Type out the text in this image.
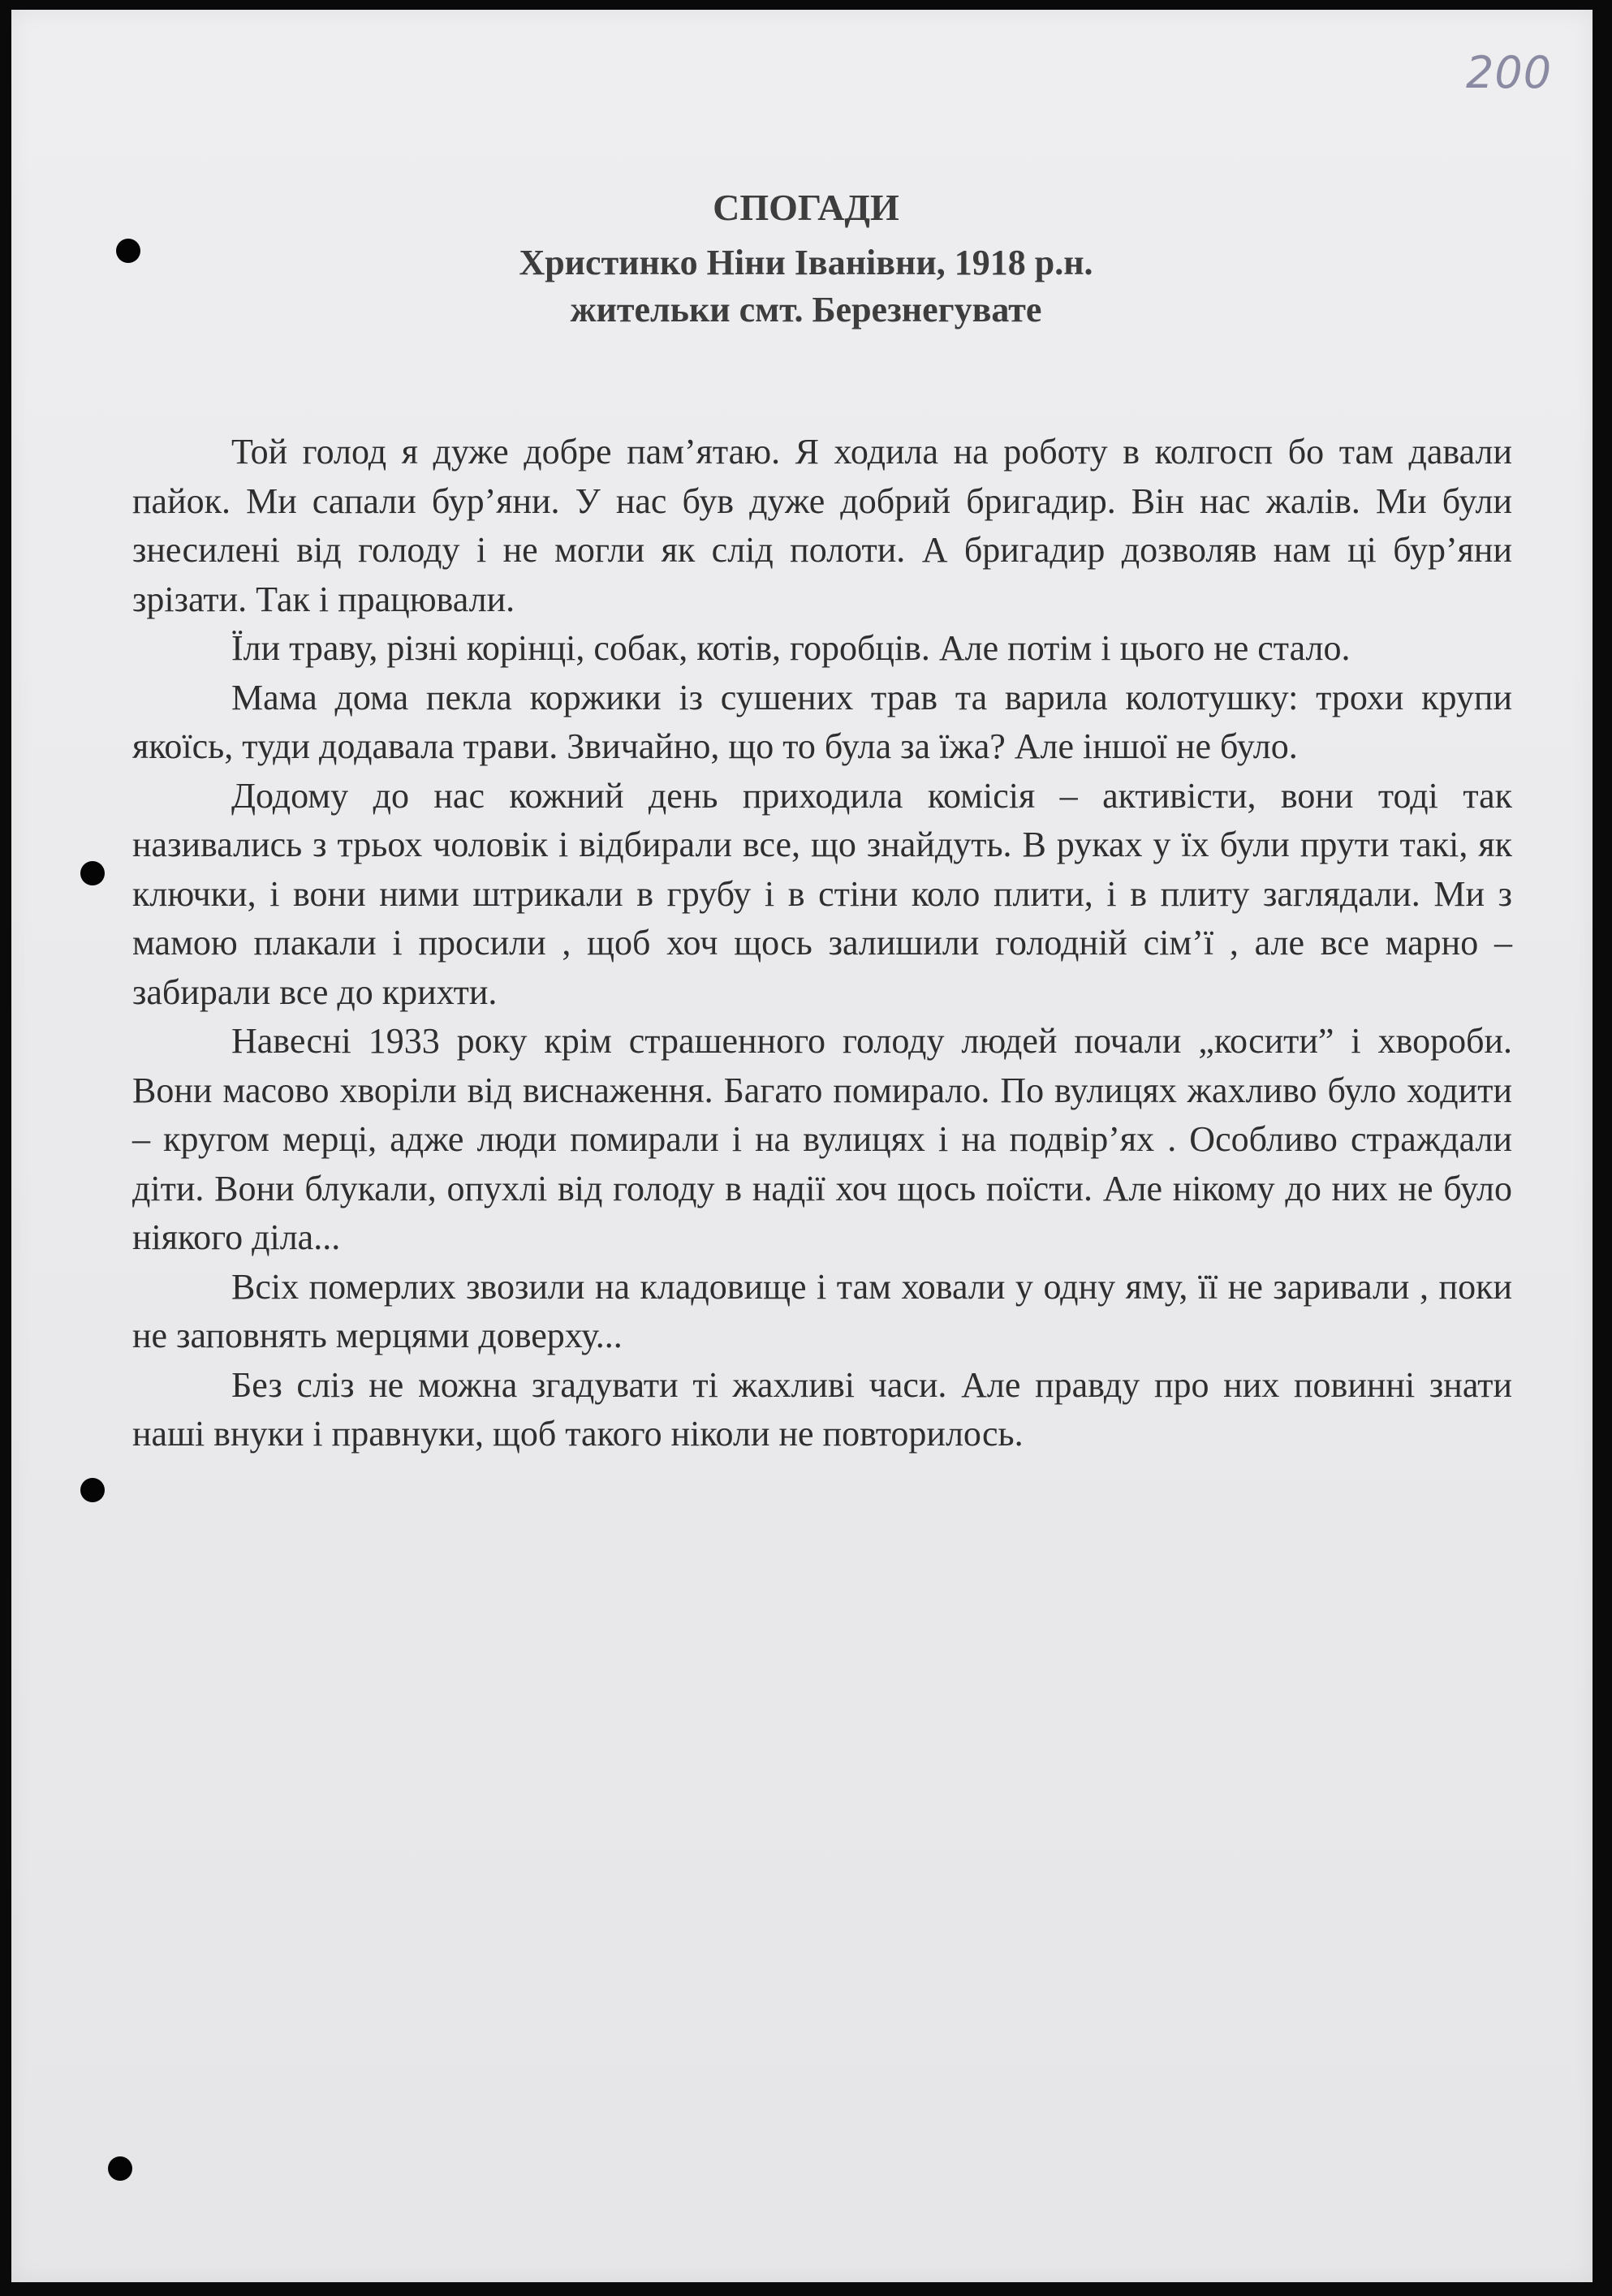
200
СПОГАДИ
Христинко Ніни Іванівни, 1918 р.н.
жительки смт. Березнегувате

Той голод я дуже добре пам’ятаю. Я ходила на роботу в колгосп бо там давали пайок. Ми сапали бур’яни. У нас був дуже добрий бригадир. Він нас жалів. Ми були знесилені від голоду і не могли як слід полоти. А бригадир дозволяв нам ці бур’яни зрізати. Так і працювали.

Їли траву, різні корінці, собак, котів, горобців. Але потім і цього не стало.

Мама дома пекла коржики із сушених трав та варила колотушку: трохи крупи якоїсь, туди додавала трави. Звичайно, що то була за їжа? Але іншої не було.

Додому до нас кожний день приходила комісія – активісти, вони тоді так називались з трьох чоловік і відбирали все, що знайдуть. В руках у їх були прути такі, як ключки, і вони ними штрикали в грубу і в стіни коло плити, і в плиту заглядали. Ми з мамою плакали і просили , щоб хоч щось залишили голодній сім’ї , але все марно – забирали все до крихти.

Навесні 1933 року крім страшенного голоду людей почали „косити” і хвороби. Вони масово хворіли від виснаження. Багато помирало. По вулицях жахливо було ходити – кругом мерці, адже люди помирали і на вулицях і на подвір’ях . Особливо страждали діти. Вони блукали, опухлі від голоду в надії хоч щось поїсти. Але нікому до них не було ніякого діла...

Всіх померлих звозили на кладовище і там ховали у одну яму, її не заривали , поки не заповнять мерцями доверху...

Без сліз не можна згадувати ті жахливі часи. Але правду про них повинні знати наші внуки і правнуки, щоб такого ніколи не повторилось.
